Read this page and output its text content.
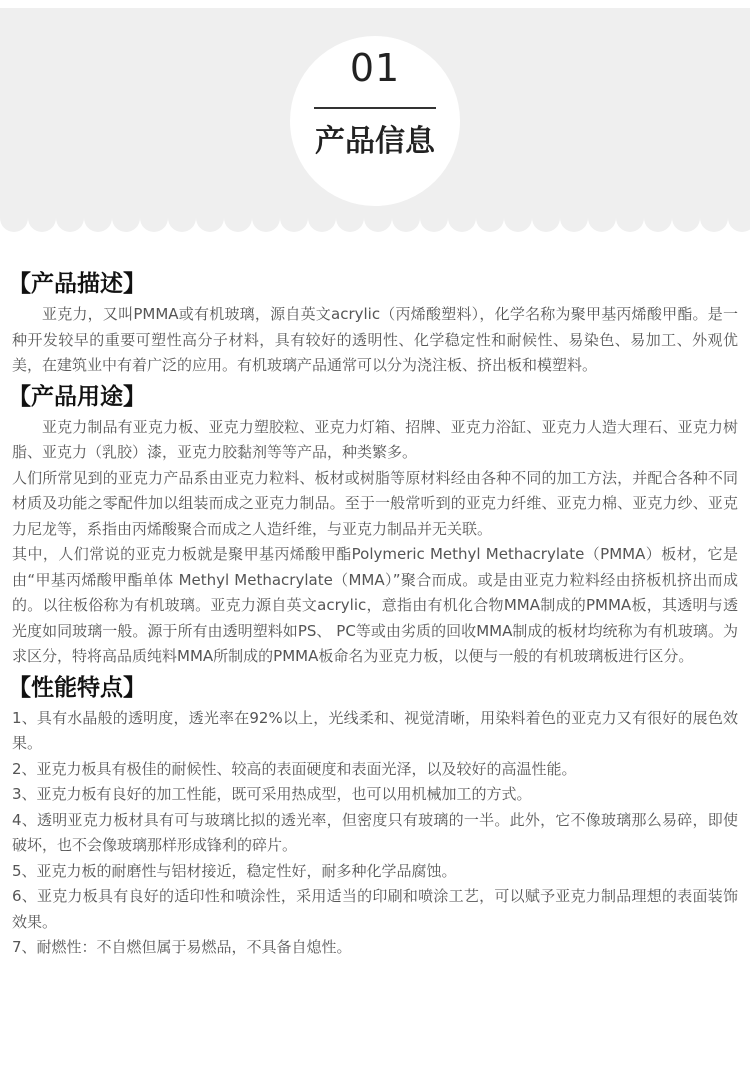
01
产品信息
【产品描述】

亚克力，又叫PMMA或有机玻璃，源自英文acrylic（丙烯酸塑料），化学名称为聚甲基丙烯酸甲酯。是一种开发较早的重要可塑性高分子材料，具有较好的透明性、化学稳定性和耐候性、易染色、易加工、外观优美，在建筑业中有着广泛的应用。有机玻璃产品通常可以分为浇注板、挤出板和模塑料。

【产品用途】

亚克力制品有亚克力板、亚克力塑胶粒、亚克力灯箱、招牌、亚克力浴缸、亚克力人造大理石、亚克力树脂、亚克力（乳胶）漆，亚克力胶黏剂等等产品，种类繁多。

人们所常见到的亚克力产品系由亚克力粒料、板材或树脂等原材料经由各种不同的加工方法，并配合各种不同材质及功能之零配件加以组装而成之亚克力制品。至于一般常听到的亚克力纤维、亚克力棉、亚克力纱、亚克力尼龙等，系指由丙烯酸聚合而成之人造纤维，与亚克力制品并无关联。

其中，人们常说的亚克力板就是聚甲基丙烯酸甲酯Polymeric Methyl Methacrylate（PMMA）板材，它是由“甲基丙烯酸甲酯单体 Methyl Methacrylate（MMA）”聚合而成。或是由亚克力粒料经由挤板机挤出而成的。以往板俗称为有机玻璃。亚克力源自英文acrylic，意指由有机化合物MMA制成的PMMA板，其透明与透光度如同玻璃一般。源于所有由透明塑料如PS、 PC等或由劣质的回收MMA制成的板材均统称为有机玻璃。为求区分，特将高品质纯料MMA所制成的PMMA板命名为亚克力板，以便与一般的有机玻璃板进行区分。

【性能特点】

1、具有水晶般的透明度，透光率在92%以上，光线柔和、视觉清晰，用染料着色的亚克力又有很好的展色效果。

2、亚克力板具有极佳的耐候性、较高的表面硬度和表面光泽，以及较好的高温性能。

3、亚克力板有良好的加工性能，既可采用热成型，也可以用机械加工的方式。

4、透明亚克力板材具有可与玻璃比拟的透光率，但密度只有玻璃的一半。此外，它不像玻璃那么易碎，即使破坏，也不会像玻璃那样形成锋利的碎片。

5、亚克力板的耐磨性与铝材接近，稳定性好，耐多种化学品腐蚀。

6、亚克力板具有良好的适印性和喷涂性，采用适当的印刷和喷涂工艺，可以赋予亚克力制品理想的表面装饰效果。

7、耐燃性：不自燃但属于易燃品，不具备自熄性。
